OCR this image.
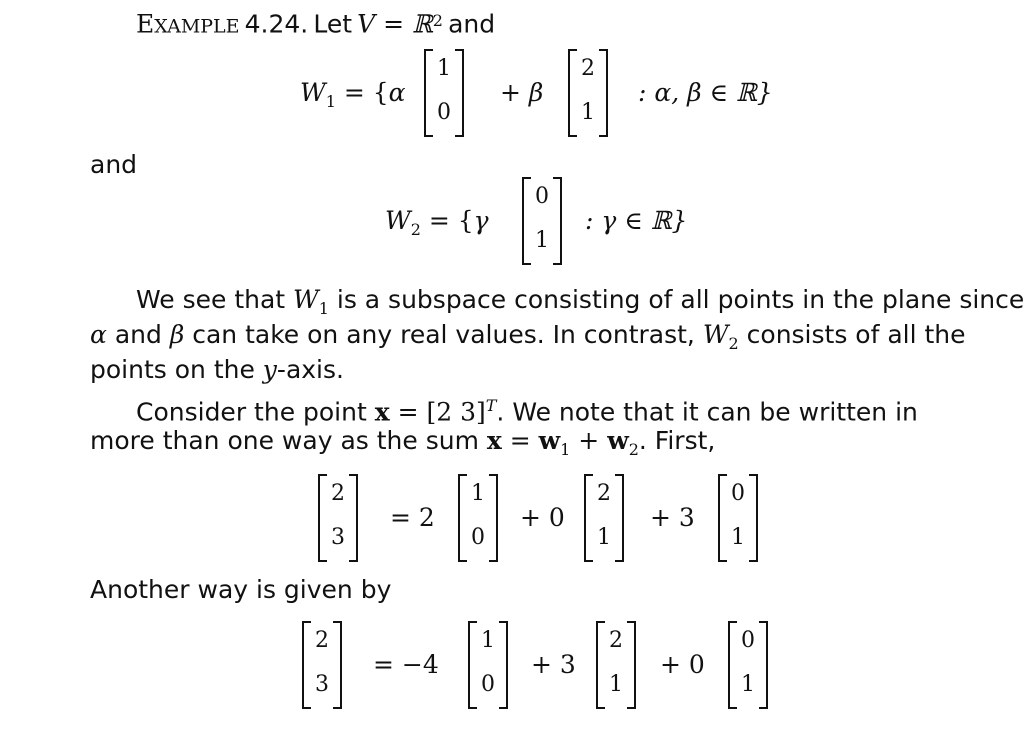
EXAMPLE 4.24. Let V = ℝ$^2$ and
$W_1 = \{\alpha$
1
0
+ β
2
1
: α, β ∈ ℝ}
and
$W_2 = \{\gamma$
0
1
: γ ∈ ℝ}
We see that $W_1$ is a subspace consisting of all points in the plane since
α and β can take on any real values. In contrast, $W_2$ consists of all the
points on the y-axis.
Consider the point x = [2 3]$^T$. We note that it can be written in
more than one way as the sum $x = w_1 + w_2$. First,
2
3
= 2
1
0
+ 0
2
1
+ 3
0
1
Another way is given by
2
3
= −4
1
0
+ 3
2
1
+ 0
0
1
